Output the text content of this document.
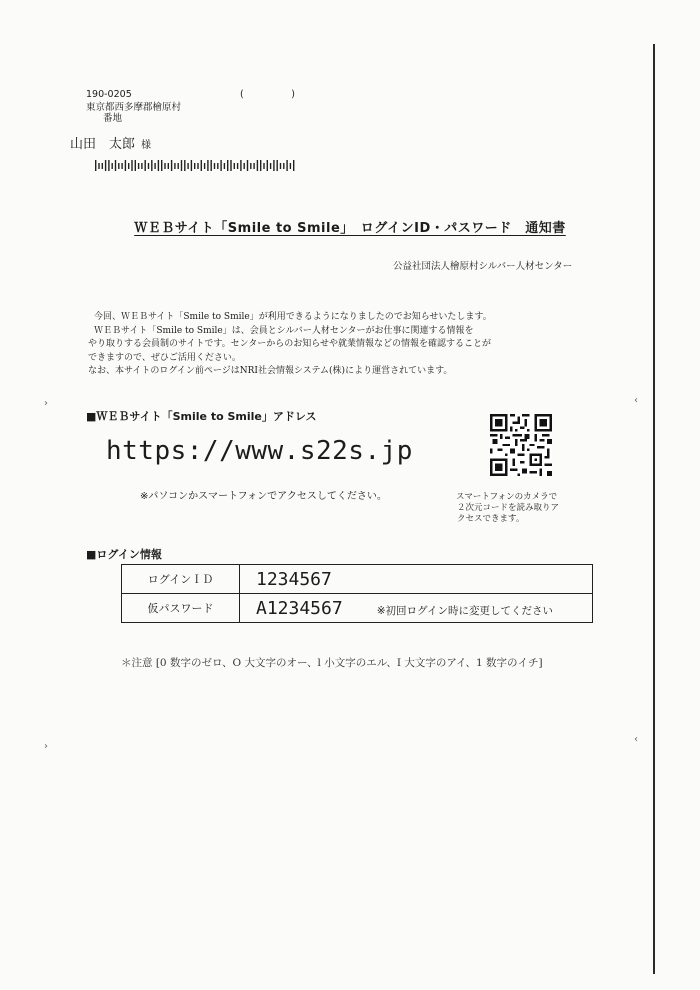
›
›
‹
‹
190-0205	(　　　　　)
東京都西多摩郡檜原村
番地
山田　太郎 様
ＷＥＢサイト「Smile to Smile」　ログインID・パスワード　通知書
公益社団法人檜原村シルバー人材センター
今回、ＷＥＢサイト「Smile to Smile」が利用できるようになりましたのでお知らせいたします。
ＷＥＢサイト「Smile to Smile」は、会員とシルバー人材センターがお仕事に関連する情報を
やり取りする会員制のサイトです。センターからのお知らせや就業情報などの情報を確認することが
できますので、ぜひご活用ください。
なお、本サイトのログイン前ページはNRI社会情報システム(株)により運営されています。
■ＷＥＢサイト「Smile to Smile」アドレス
https://www.s22s.jp
※パソコンかスマートフォンでアクセスしてください。	スマートフォンのカメラで
２次元コードを読み取りア
クセスできます。
■ログイン情報
ログインＩＤ	1234567
仮パスワード	A1234567 ※初回ログイン時に変更してください
＊注意 [0 数字のゼロ、O 大文字のオー、l 小文字のエル、I 大文字のアイ、1 数字のイチ]
